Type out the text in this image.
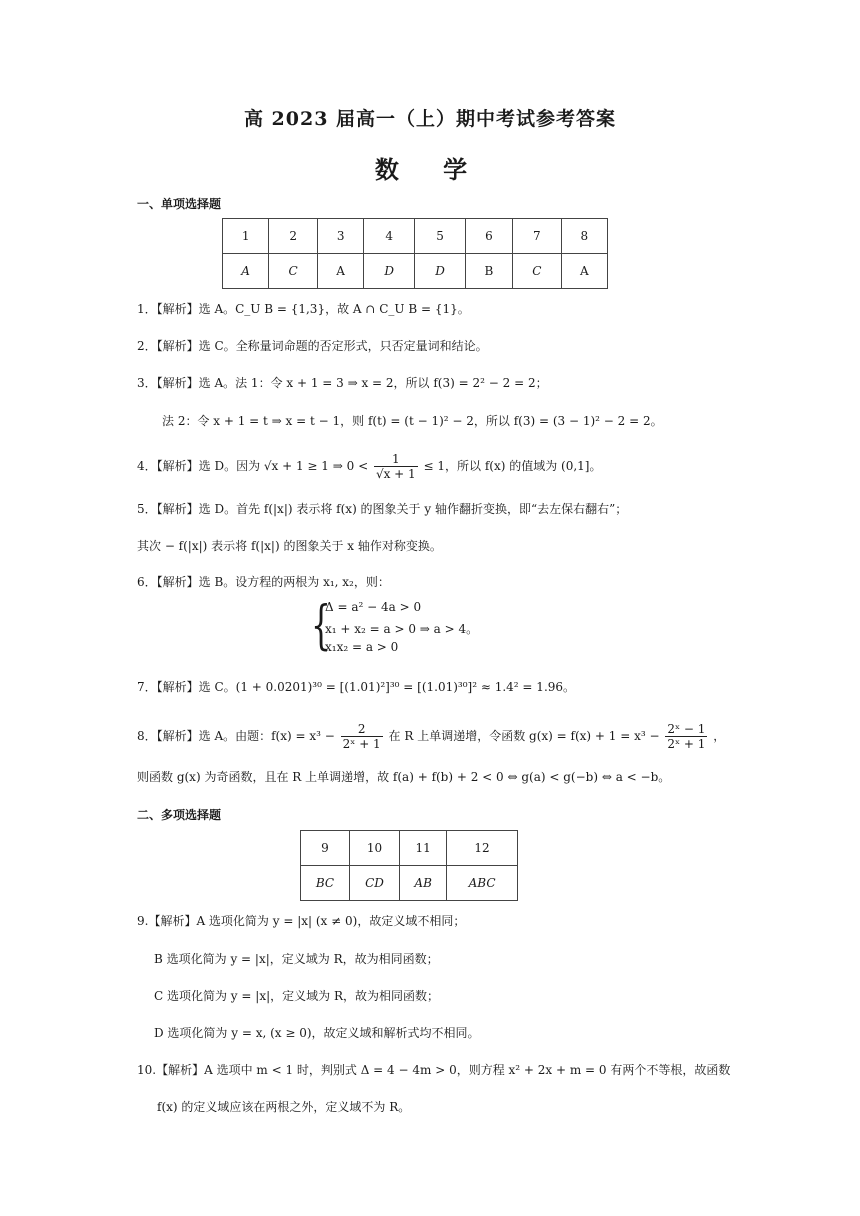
高 2023 届高一（上）期中考试参考答案
数 学
一、单项选择题
1	2	3	4	5	6	7	8
A	C	A	D	D	B	C	A
1．【解析】选 A。C_U B = {1,3}，故 A ∩ C_U B = {1}。
2．【解析】选 C。全称量词命题的否定形式，只否定量词和结论。
3．【解析】选 A。法 1：令 x + 1 = 3 ⇒ x = 2，所以 f(3) = 2² − 2 = 2；
法 2：令 x + 1 = t ⇒ x = t − 1，则 f(t) = (t − 1)² − 2，所以 f(3) = (3 − 1)² − 2 = 2。
4．【解析】选 D。因为 √x + 1 ≥ 1 ⇒ $0 < \frac{1}{√x + 1} \le 1$，所以 f(x) 的值域为 (0,1]。
5．【解析】选 D。首先 f(|x|) 表示将 f(x) 的图象关于 y 轴作翻折变换，即“去左保右翻右”；
其次 − f(|x|) 表示将 f(|x|) 的图象关于 x 轴作对称变换。
6．【解析】选 B。设方程的两根为 x₁, x₂，则：
{
Δ = a² − 4a > 0
x₁ + x₂ = a > 0 ⇒ a > 4。
x₁x₂ = a > 0
7．【解析】选 C。(1 + 0.0201)³⁰ = [(1.01)²]³⁰ = [(1.01)³⁰]² ≈ 1.4² = 1.96。
8．【解析】选 A。由题：$f(x) = x^3 - \frac{2}{\text{2ˣ + 1}}$ 在 R 上单调递增，令函数 $g(x) = f(x) + 1 = x^3 - \frac{\text{2ˣ − 1}}{\text{2ˣ + 1}}$ ，
则函数 g(x) 为奇函数，且在 R 上单调递增，故 f(a) + f(b) + 2 < 0 ⇔ g(a) < g(−b) ⇔ a < −b。
二、多项选择题
9	10	11	12
BC	CD	AB	ABC
9.【解析】A 选项化简为 y = |x| (x ≠ 0)，故定义域不相同；
B 选项化简为 y = |x|，定义域为 R，故为相同函数；
C 选项化简为 y = |x|，定义域为 R，故为相同函数；
D 选项化简为 y = x, (x ≥ 0)，故定义域和解析式均不相同。
10.【解析】A 选项中 m < 1 时，判别式 Δ = 4 − 4m > 0，则方程 x² + 2x + m = 0 有两个不等根，故函数
f(x) 的定义域应该在两根之外，定义域不为 R。
